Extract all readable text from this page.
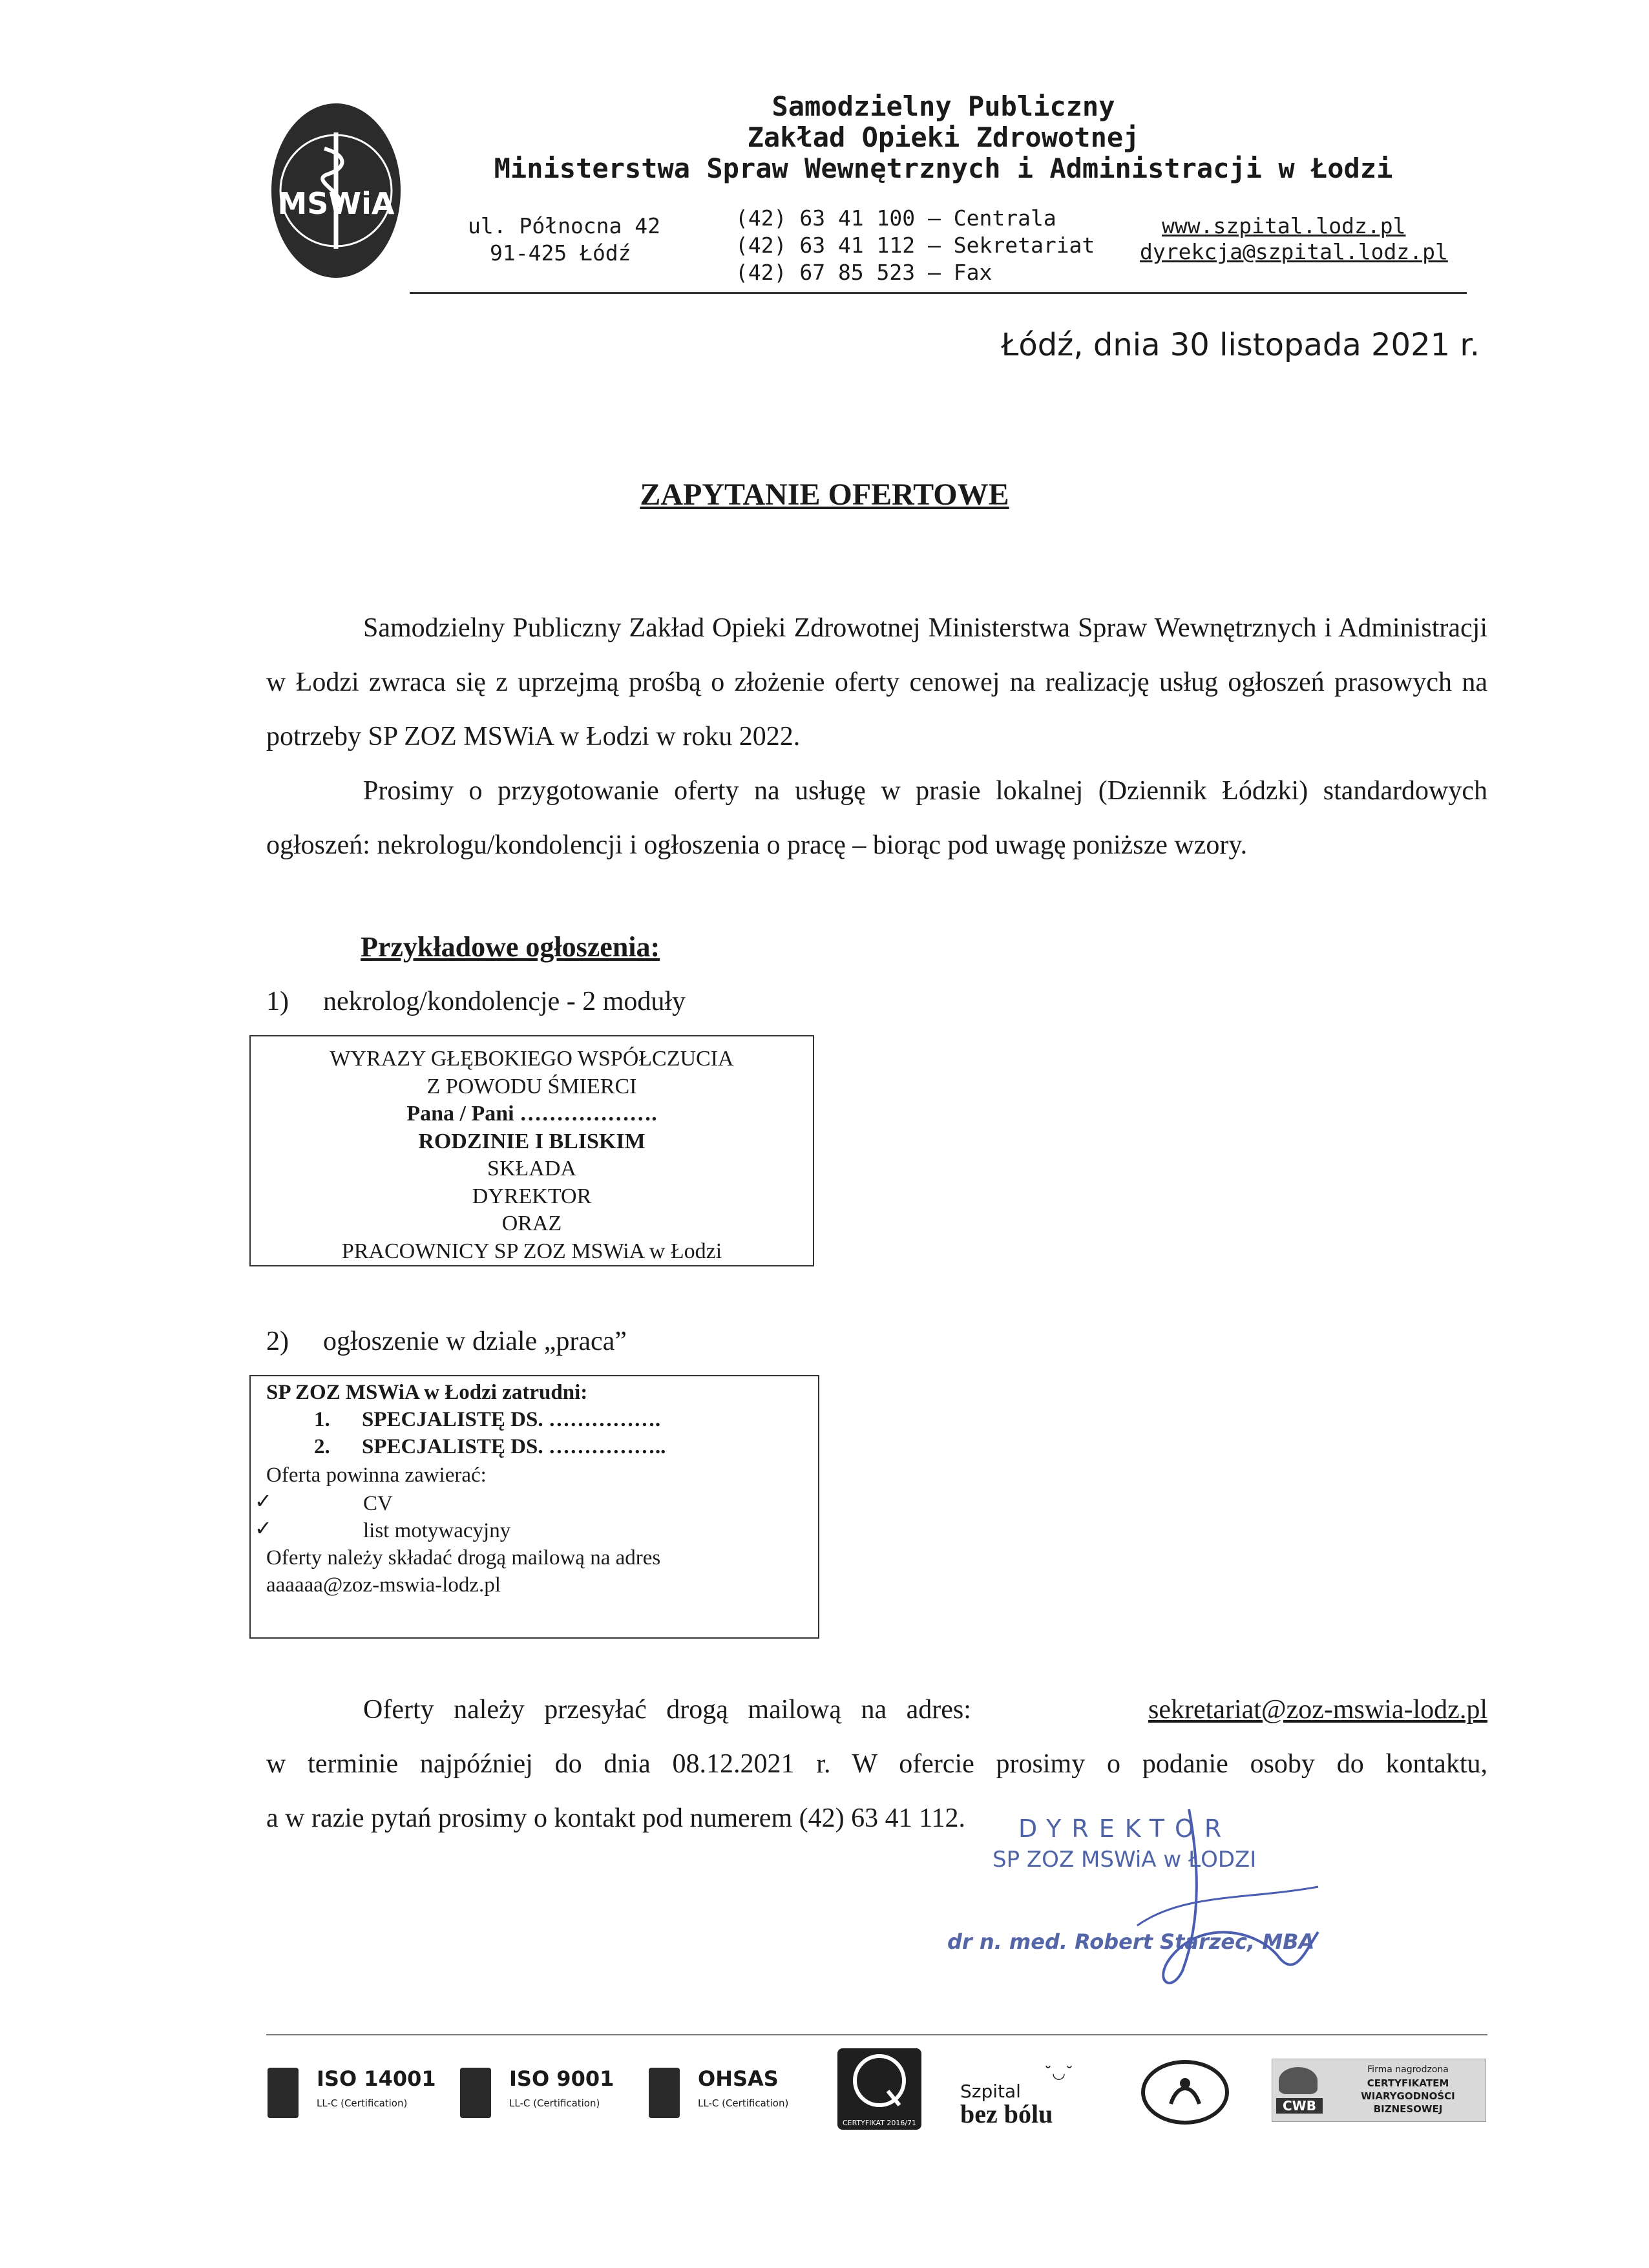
MSWiA
Samodzielny Publiczny
Zakład Opieki Zdrowotnej
Ministerstwa Spraw Wewnętrznych i Administracji w Łodzi
ul. Północna 42
91-425 Łódź
(42) 63 41 100 – Centrala
(42) 63 41 112 – Sekretariat
(42) 67 85 523 – Fax
www.szpital.lodz.pl
dyrekcja@szpital.lodz.pl
Łódź, dnia 30 listopada 2021 r.
ZAPYTANIE OFERTOWE
Samodzielny Publiczny Zakład Opieki Zdrowotnej Ministerstwa Spraw Wewnętrznych i Administracji w Łodzi zwraca się z uprzejmą prośbą o złożenie oferty cenowej na realizację usług ogłoszeń prasowych na potrzeby SP ZOZ MSWiA w Łodzi w roku 2022.
Prosimy o przygotowanie oferty na usługę w prasie lokalnej (Dziennik Łódzki) standardowych ogłoszeń: nekrologu/kondolencji i ogłoszenia o pracę – biorąc pod uwagę poniższe wzory.
Przykładowe ogłoszenia:
1) nekrolog/kondolencje - 2 moduły
WYRAZY GŁĘBOKIEGO WSPÓŁCZUCIA
Z POWODU ŚMIERCI
Pana / Pani ……………….
RODZINIE I BLISKIM
SKŁADA
DYREKTOR
ORAZ
PRACOWNICY SP ZOZ MSWiA w Łodzi
2) ogłoszenie w dziale „praca”
SP ZOZ MSWiA w Łodzi zatrudni:
1. SPECJALISTĘ DS. …………….
2. SPECJALISTĘ DS. ……………..
Oferta powinna zawierać:
✓	CV
✓	list motywacyjny
Oferty należy składać drogą mailową na adres
aaaaaa@zoz-mswia-lodz.pl
Oferty należy przesyłać drogą mailową na adres:	sekretariat@zoz-mswia-lodz.pl
w terminie najpóźniej do dnia 08.12.2021 r. W ofercie prosimy o podanie osoby do kontaktu,
a w razie pytań prosimy o kontakt pod numerem (42) 63 41 112. DYREKTOR
SP ZOZ MSWiA w ŁODZI
dr n. med. Robert Starzec, MBA
ISO 14001
LL-C (Certification)
ISO 9001
LL-C (Certification)
OHSAS
LL-C (Certification)
CERTYFIKAT 2016/71
Szpital
bez bólu
˘◡˘
CWB
Firma nagrodzona
CERTYFIKATEM
WIARYGODNOŚCI
BIZNESOWEJ
